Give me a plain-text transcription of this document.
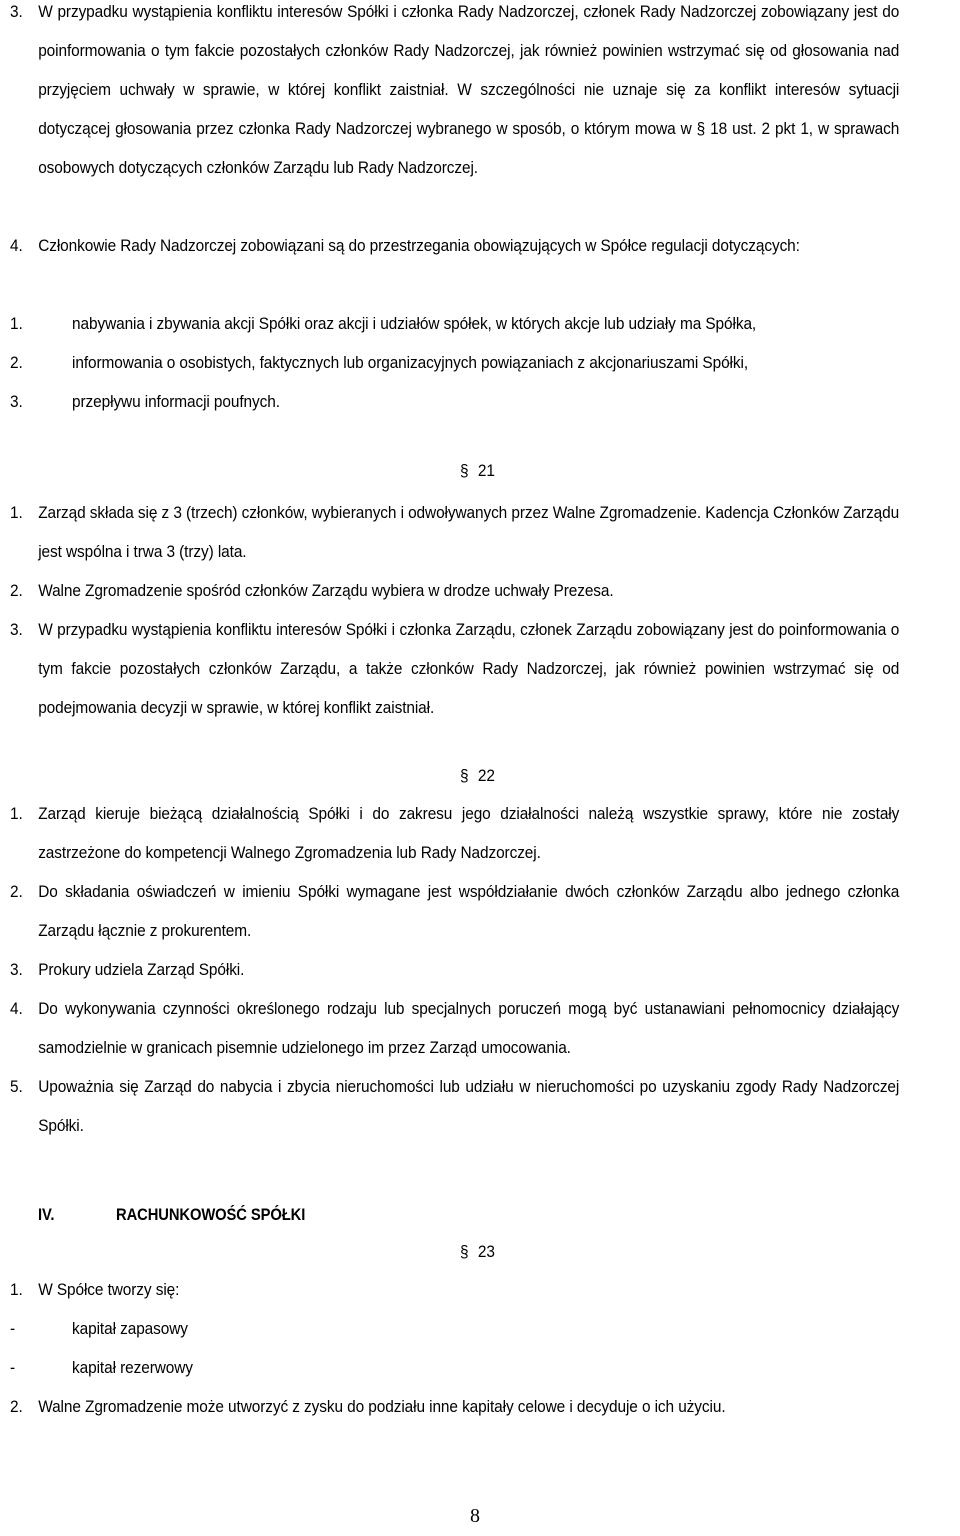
3. W przypadku wystąpienia konfliktu interesów Spółki i członka Rady Nadzorczej, członek Rady Nadzorczej zobowiązany jest do poinformowania o tym fakcie pozostałych członków Rady Nadzorczej, jak również powinien wstrzymać się od głosowania nad przyjęciem uchwały w sprawie, w której konflikt zaistniał. W szczególności nie uznaje się za konflikt interesów sytuacji dotyczącej głosowania przez członka Rady Nadzorczej wybranego w sposób, o którym mowa w § 18 ust. 2 pkt 1, w sprawach osobowych dotyczących członków Zarządu lub Rady Nadzorczej.
4. Członkowie Rady Nadzorczej zobowiązani są do przestrzegania obowiązujących w Spółce regulacji dotyczących:
1.	nabywania i zbywania akcji Spółki oraz akcji i udziałów spółek, w których akcje lub udziały ma Spółka,
2.	informowania o osobistych, faktycznych lub organizacyjnych powiązaniach z akcjonariuszami Spółki,
3.	przepływu informacji poufnych.
§ 21
1. Zarząd składa się z 3 (trzech) członków, wybieranych i odwoływanych przez Walne Zgromadzenie. Kadencja Członków Zarządu jest wspólna i trwa 3 (trzy) lata.
2. Walne Zgromadzenie spośród członków Zarządu wybiera w drodze uchwały Prezesa.
3. W przypadku wystąpienia konfliktu interesów Spółki i członka Zarządu, członek Zarządu zobowiązany jest do poinformowania o tym fakcie pozostałych członków Zarządu, a także członków Rady Nadzorczej, jak również powinien wstrzymać się od podejmowania decyzji w sprawie, w której konflikt zaistniał.
§ 22
1. Zarząd kieruje bieżącą działalnością Spółki i do zakresu jego działalności należą wszystkie sprawy, które nie zostały zastrzeżone do kompetencji Walnego Zgromadzenia lub Rady Nadzorczej.
2. Do składania oświadczeń w imieniu Spółki wymagane jest współdziałanie dwóch członków Zarządu albo jednego członka Zarządu łącznie z prokurentem.
3. Prokury udziela Zarząd Spółki.
4. Do wykonywania czynności określonego rodzaju lub specjalnych poruczeń mogą być ustanawiani pełnomocnicy działający samodzielnie w granicach pisemnie udzielonego im przez Zarząd umocowania.
5. Upoważnia się Zarząd do nabycia i zbycia nieruchomości lub udziału w nieruchomości po uzyskaniu zgody Rady Nadzorczej Spółki.
IV.	RACHUNKOWOŚĆ SPÓŁKI
§ 23
1. W Spółce tworzy się:
-	kapitał zapasowy
-	kapitał rezerwowy
2. Walne Zgromadzenie może utworzyć z zysku do podziału inne kapitały celowe i decyduje o ich użyciu.
8
